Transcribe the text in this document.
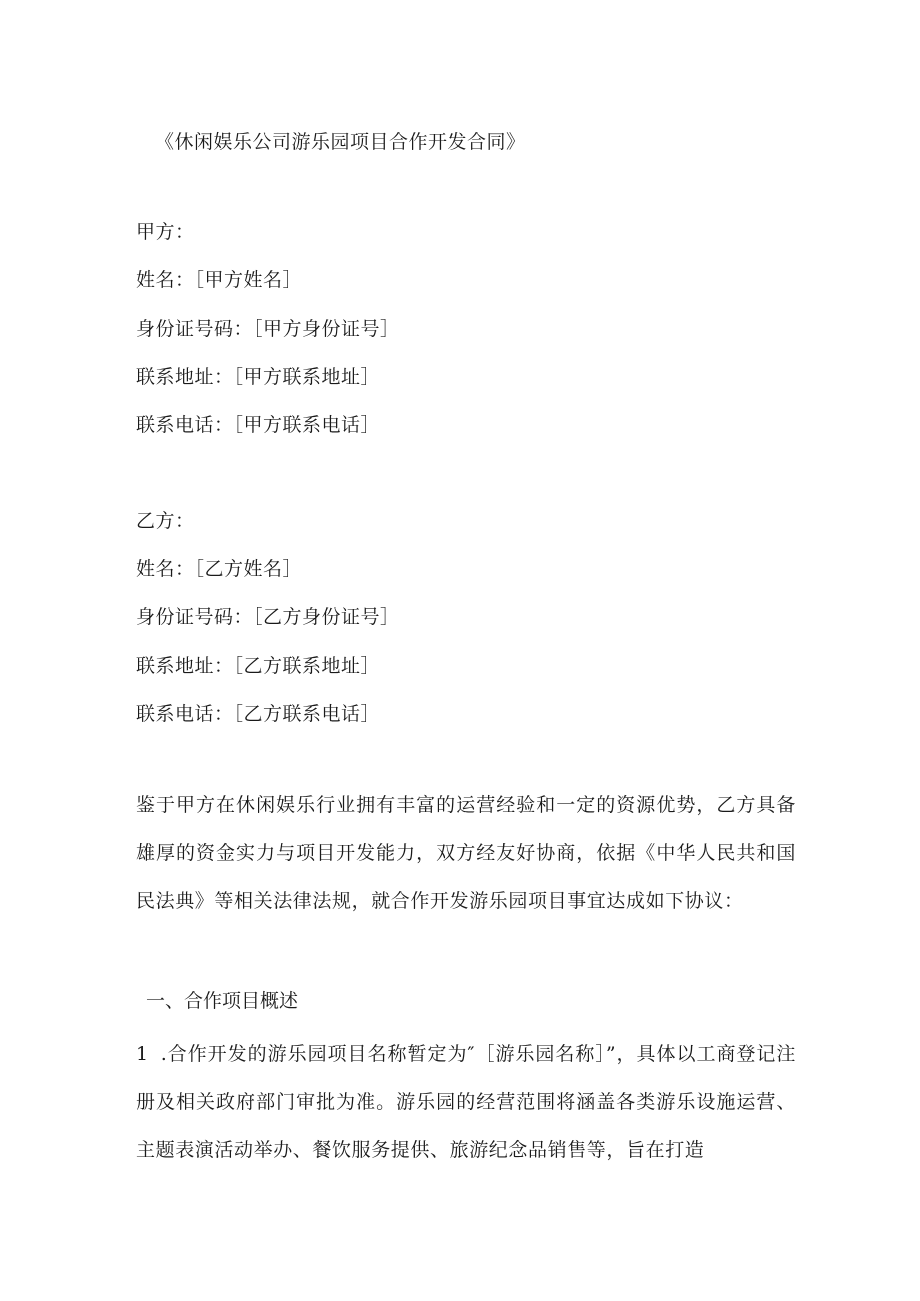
《休闲娱乐公司游乐园项目合作开发合同》
甲方：
姓名：［甲方姓名］
身份证号码：［甲方身份证号］
联系地址：［甲方联系地址］
联系电话：［甲方联系电话］
乙方：
姓名：［乙方姓名］
身份证号码：［乙方身份证号］
联系地址：［乙方联系地址］
联系电话：［乙方联系电话］

鉴于甲方在休闲娱乐行业拥有丰富的运营经验和一定的资源优势，乙方具备雄厚的资金实力与项目开发能力，双方经友好协商，依据《中华人民共和国民法典》等相关法律法规，就合作开发游乐园项目事宜达成如下协议：

一、合作项目概述

1 .合作开发的游乐园项目名称暂定为″［游乐园名称］”，具体以工商登记注册及相关政府部门审批为准。游乐园的经营范围将涵盖各类游乐设施运营、主题表演活动举办、餐饮服务提供、旅游纪念品销售等，旨在打造
